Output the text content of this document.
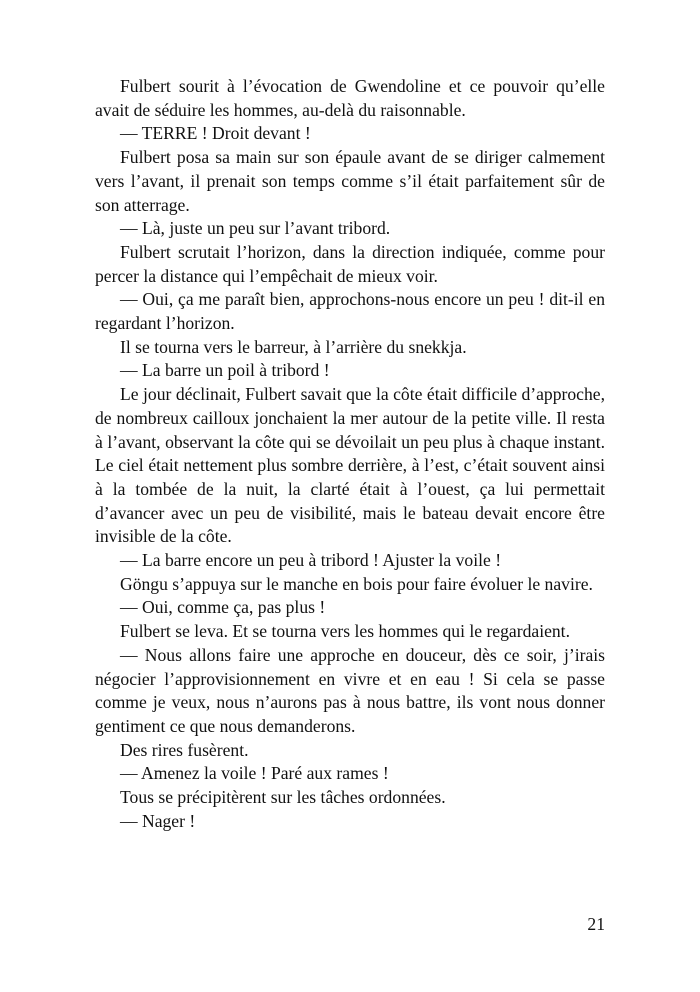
Fulbert sourit à l’évocation de Gwendoline et ce pouvoir qu’elle avait de séduire les hommes, au-delà du raisonnable.

— TERRE ! Droit devant !

Fulbert posa sa main sur son épaule avant de se diriger calmement vers l’avant, il prenait son temps comme s’il était parfaitement sûr de son atterrage.

— Là, juste un peu sur l’avant tribord.

Fulbert scrutait l’horizon, dans la direction indiquée, comme pour percer la distance qui l’empêchait de mieux voir.

— Oui, ça me paraît bien, approchons-nous encore un peu ! dit-il en regardant l’horizon.

Il se tourna vers le barreur, à l’arrière du snekkja.

— La barre un poil à tribord !

Le jour déclinait, Fulbert savait que la côte était difficile d’approche, de nombreux cailloux jonchaient la mer autour de la petite ville. Il resta à l’avant, observant la côte qui se dévoilait un peu plus à chaque instant. Le ciel était nettement plus sombre derrière, à l’est, c’était souvent ainsi à la tombée de la nuit, la clarté était à l’ouest, ça lui permettait d’avancer avec un peu de visibilité, mais le bateau devait encore être invisible de la côte.

— La barre encore un peu à tribord ! Ajuster la voile !

Göngu s’appuya sur le manche en bois pour faire évoluer le navire.

— Oui, comme ça, pas plus !

Fulbert se leva. Et se tourna vers les hommes qui le regardaient.

— Nous allons faire une approche en douceur, dès ce soir, j’irais négocier l’approvisionnement en vivre et en eau ! Si cela se passe comme je veux, nous n’aurons pas à nous battre, ils vont nous donner gentiment ce que nous demanderons.

Des rires fusèrent.

— Amenez la voile ! Paré aux rames !

Tous se précipitèrent sur les tâches ordonnées.

— Nager !

21
